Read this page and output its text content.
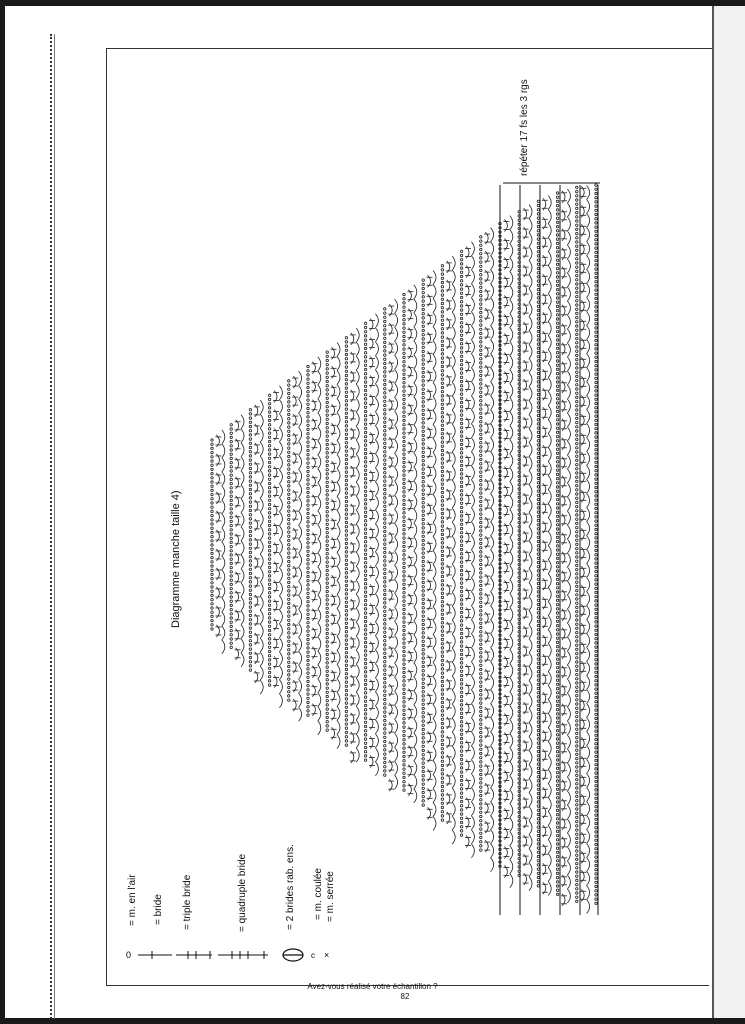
Diagramme manche taille 4)
répéter 17 fs les 3 rgs
= m. en l'air = bride = triple bride	= quadruple bride	= 2 brides rab. ens. = m. coulée = m. serrée
0	c ×
Avez-vous réalisé votre échantillon ?
82
